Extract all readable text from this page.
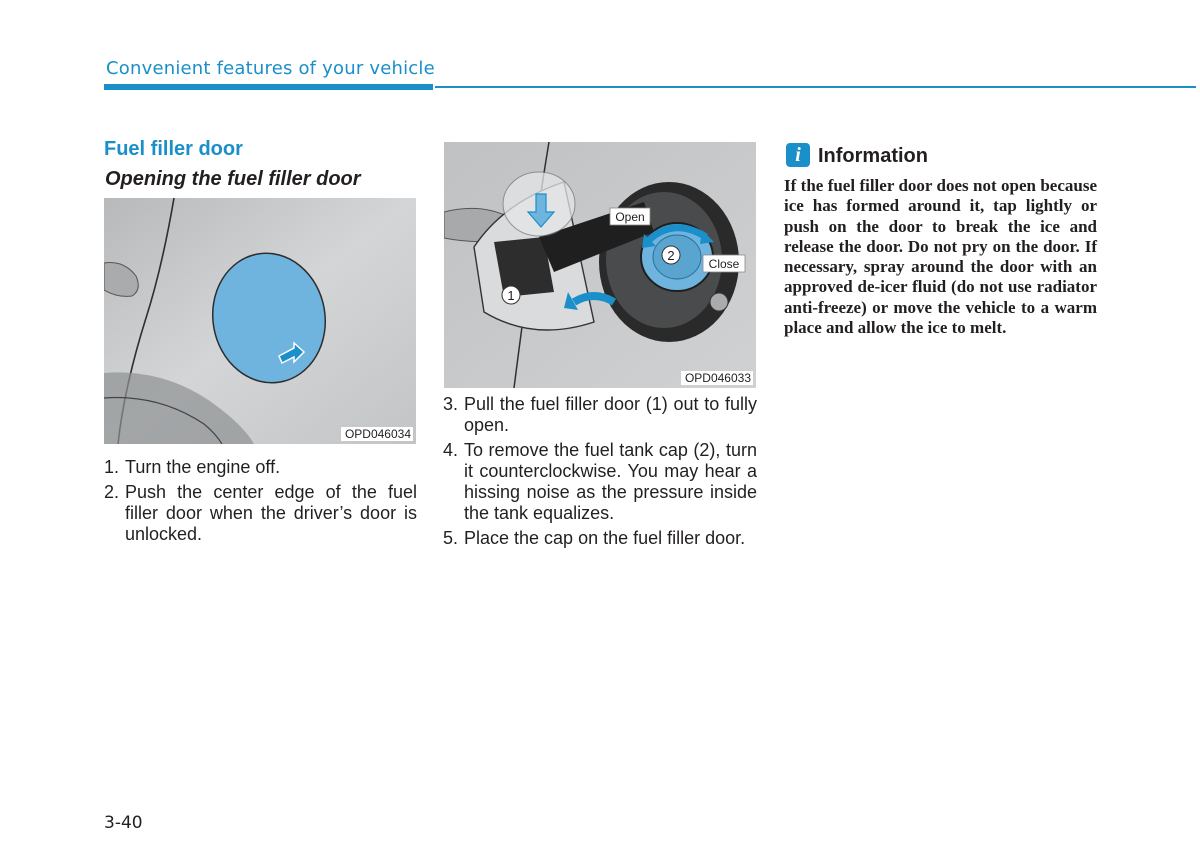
Convenient features of your vehicle
Fuel filler door
Opening the fuel filler door
OPD046034
1
2
Open
Close
OPD046033
1. Turn the engine off.
2. Push the center edge of the fuel filler door when the driver’s door is unlocked.
3. Pull the fuel filler door (1) out to fully open.
4. To remove the fuel tank cap (2), turn it counterclockwise. You may hear a hissing noise as the pressure inside the tank equalizes.
5. Place the cap on the fuel filler door.
i Information

If the fuel filler door does not open because ice has formed around it, tap lightly or push on the door to break the ice and release the door. Do not pry on the door. If necessary, spray around the door with an approved de-icer fluid (do not use radiator anti-freeze) or move the vehicle to a warm place and allow the ice to melt.

3-40
